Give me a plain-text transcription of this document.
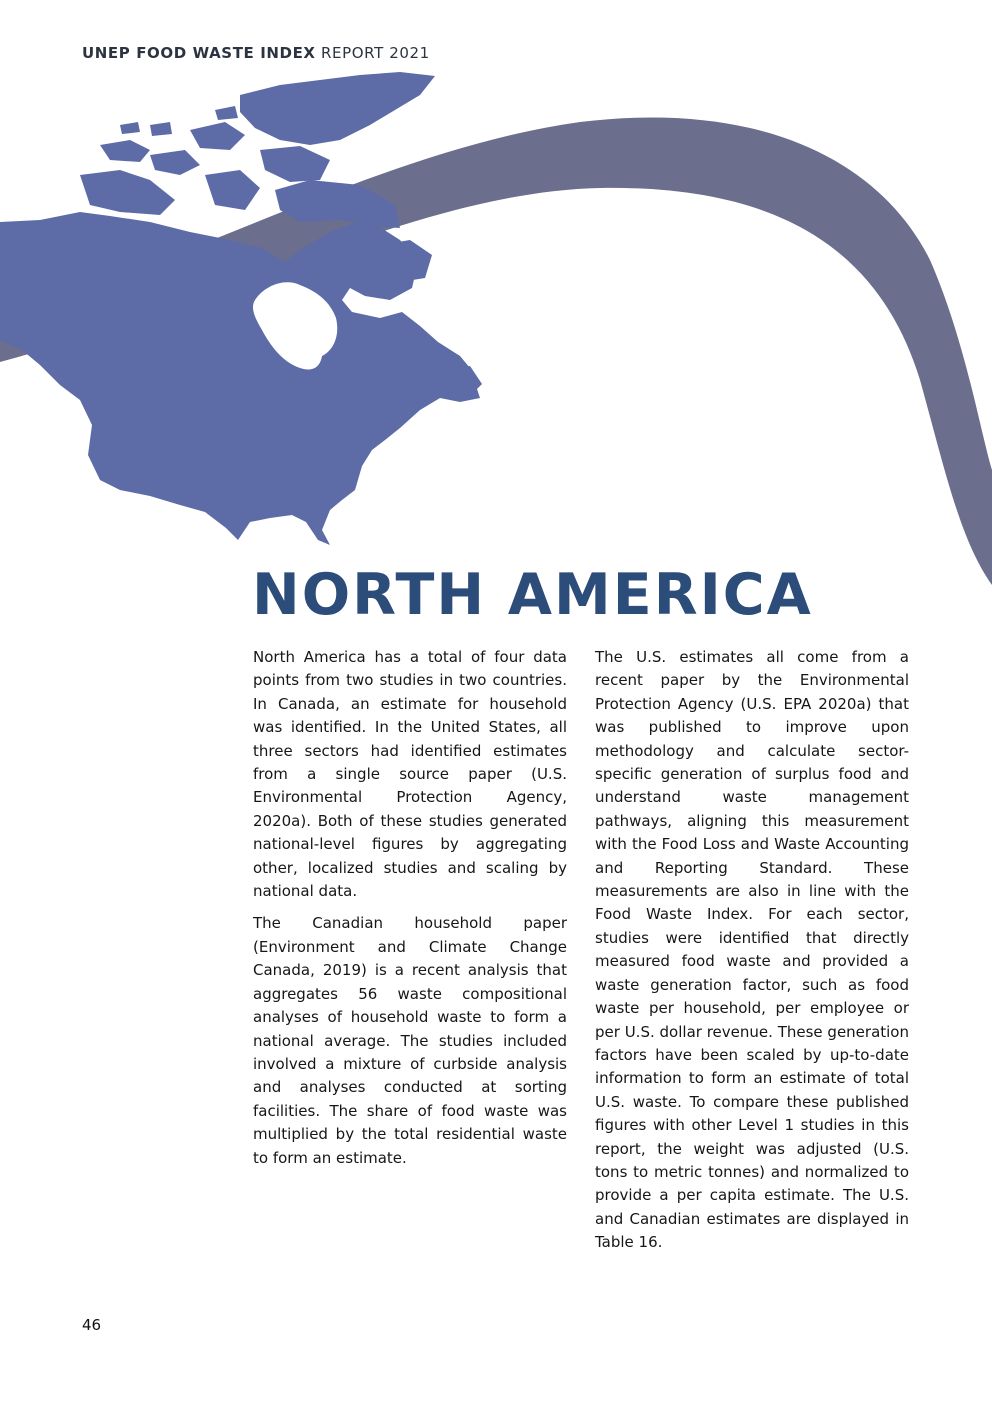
UNEP FOOD WASTE INDEX REPORT 2021
NORTH AMERICA

North America has a total of four data points from two studies in two countries. In Canada, an estimate for household was identified. In the United States, all three sectors had identified estimates from a single source paper (U.S. Environmental Protection Agency, 2020a). Both of these studies generated national-level figures by aggregating other, localized studies and scaling by national data.

The Canadian household paper (Environment and Climate Change Canada, 2019) is a recent analysis that aggregates 56 waste compositional analyses of household waste to form a national average. The studies included involved a mixture of curbside analysis and analyses conducted at sorting facilities. The share of food waste was multiplied by the total residential waste to form an estimate.

The U.S. estimates all come from a recent paper by the Environmental Protection Agency (U.S. EPA 2020a) that was published to improve upon methodology and calculate sector-specific generation of surplus food and understand waste management pathways, aligning this measurement with the Food Loss and Waste Accounting and Reporting Standard. These measurements are also in line with the Food Waste Index. For each sector, studies were identified that directly measured food waste and provided a waste generation factor, such as food waste per household, per employee or per U.S. dollar revenue. These generation factors have been scaled by up-to-date information to form an estimate of total U.S. waste. To compare these published figures with other Level 1 studies in this report, the weight was adjusted (U.S. tons to metric tonnes) and normalized to provide a per capita estimate. The U.S. and Canadian estimates are displayed in Table 16.

46
